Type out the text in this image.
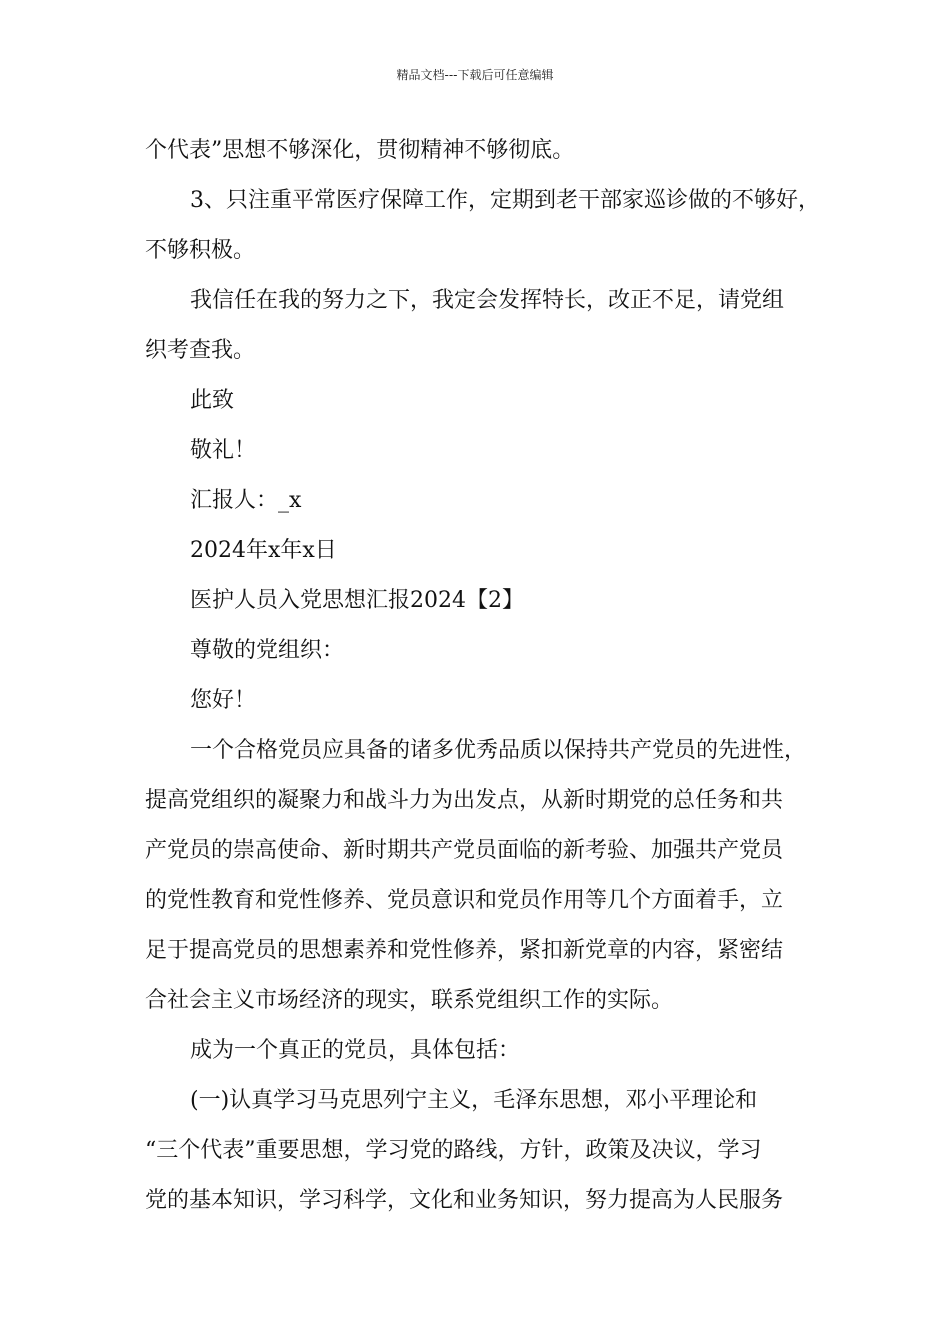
精品文档---下载后可任意编辑
个代表”思想不够深化，贯彻精神不够彻底。
3、只注重平常医疗保障工作，定期到老干部家巡诊做的不够好，
不够积极。
我信任在我的努力之下，我定会发挥特长，改正不足，请党组
织考查我。
此致
敬礼！
汇报人：_x
2024年x年x日
医护人员入党思想汇报2024【2】
尊敬的党组织：
您好！
一个合格党员应具备的诸多优秀品质以保持共产党员的先进性，
提高党组织的凝聚力和战斗力为出发点，从新时期党的总任务和共
产党员的崇高使命、新时期共产党员面临的新考验、加强共产党员
的党性教育和党性修养、党员意识和党员作用等几个方面着手，立
足于提高党员的思想素养和党性修养，紧扣新党章的内容，紧密结
合社会主义市场经济的现实，联系党组织工作的实际。
成为一个真正的党员，具体包括：
(一)认真学习马克思列宁主义，毛泽东思想，邓小平理论和
“三个代表”重要思想，学习党的路线，方针，政策及决议，学习
党的基本知识，学习科学，文化和业务知识，努力提高为人民服务
